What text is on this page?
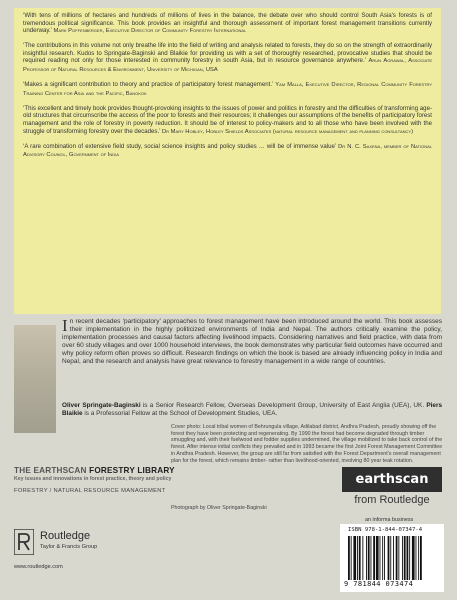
‘With tens of millions of hectares and hundreds of millions of lives in the balance, the debate over who should control South Asia's forests is of tremendous political significance. This book provides an insightful and thorough assessment of important forest management transitions currently underway.’ Mark Poffenberger, Executive Director of Community Forestry International
‘The contributions in this volume not only breathe life into the field of writing and analysis related to forests, they do so on the strength of extraordinarily insightful research. Kudos to Springate-Baginski and Blaikie for providing us with a set of thoroughly researched, provocative studies that should be required reading not only for those interested in community forestry in south Asia, but in resource governance anywhere.’ Arun Agrawal, Associate Professor of Natural Resources & Environment, University of Michigan, USA
‘Makes a significant contribution to theory and practice of participatory forest management.’ Yam Malla, Executive Director, Regional Community Forestry Training Center for Asia and the Pacific, Bangkok
‘This excellent and timely book provides thought-provoking insights to the issues of power and politics in forestry and the difficulties of transforming age-old structures that circumscribe the access of the poor to forests and their resources; it challenges our assumptions of the benefits of participatory forest management and the role of forestry in poverty reduction. It should be of interest to policy-makers and to all those who have been involved with the struggle of transforming forestry over the decades.’ Dr Mary Hobley, Hobley Shields Associates (natural resource management and planning consultancy)
‘A rare combination of extensive field study, social science insights and policy studies … will be of immense value’ Dr N. C. Saxena, member of National Advisory Council, Government of India
In recent decades ‘participatory’ approaches to forest management have been introduced around the world. This book assesses their implementation in the highly politicized environments of India and Nepal. The authors critically examine the policy, implementation processes and causal factors affecting livelihood impacts. Considering narratives and field practice, with data from over 60 study villages and over 1000 household interviews, the book demonstrates why particular field outcomes have occurred and why policy reform often proves so difficult. Research findings on which the book is based are already influencing policy in India and Nepal, and the research and analysis have great relevance to forestry management in a wide range of countries.
Oliver Springate-Baginski is a Senior Research Fellow, Overseas Development Group, University of East Anglia (UEA), UK. Piers Blaikie is a Professorial Fellow at the School of Development Studies, UEA.
Cover photo: Local tribal women of Behrungula village, Adilabad district, Andhra Pradesh, proudly showing off the forest they have been protecting and regenerating. By 1990 the forest had become degraded through timber smuggling and, with their fuelwood and fodder supplies undermined, the village mobilized to take back control of the forest. After intense initial conflicts they prevailed and in 1993 became the first Joint Forest Management Committee in Andhra Pradesh. However, the group are still far from satisfied with the Forest Department's overall management plan for the forest, which remains timber- rather than livelihood-oriented, involving 80 year teak rotation.
Photograph by Oliver Springate-Baginski
THE EARTHSCAN FORESTRY LIBRARY
Key issues and innovations in forest practice, theory and policy
FORESTRY / NATURAL RESOURCE MANAGEMENT
earthscan
from Routledge
Routledge
Taylor & Francis Group
www.routledge.com
an informa business
ISBN 978-1-844-07347-4
9 781844 073474
